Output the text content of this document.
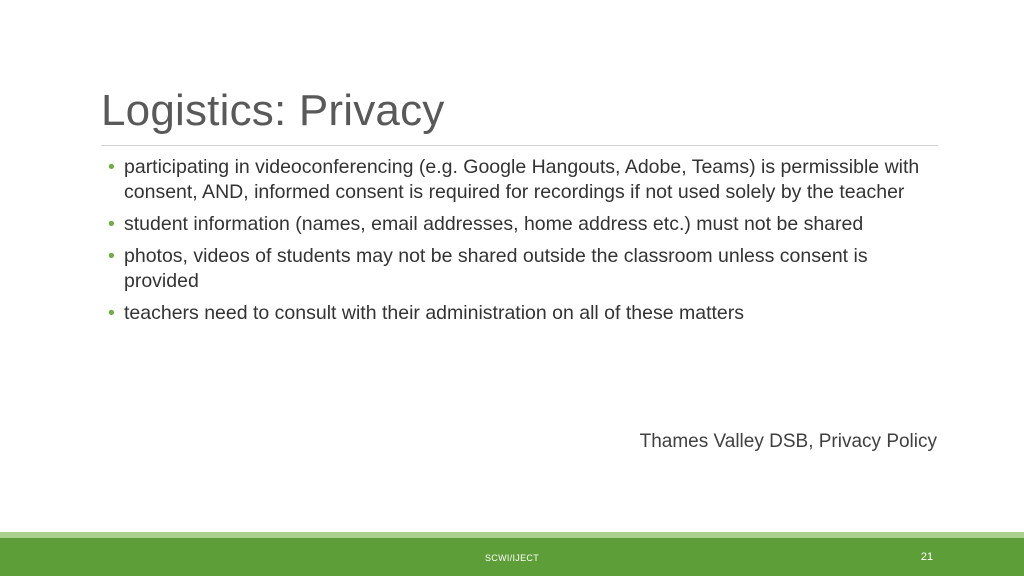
Logistics: Privacy
• participating in videoconferencing (e.g. Google Hangouts, Adobe, Teams) is permissible with consent, AND, informed consent is required for recordings if not used solely by the teacher
• student information (names, email addresses, home address etc.) must not be shared
• photos, videos of students may not be shared outside the classroom unless consent is provided
• teachers need to consult with their administration on all of these matters
Thames Valley DSB, Privacy Policy
SCWI/IJECT	21
